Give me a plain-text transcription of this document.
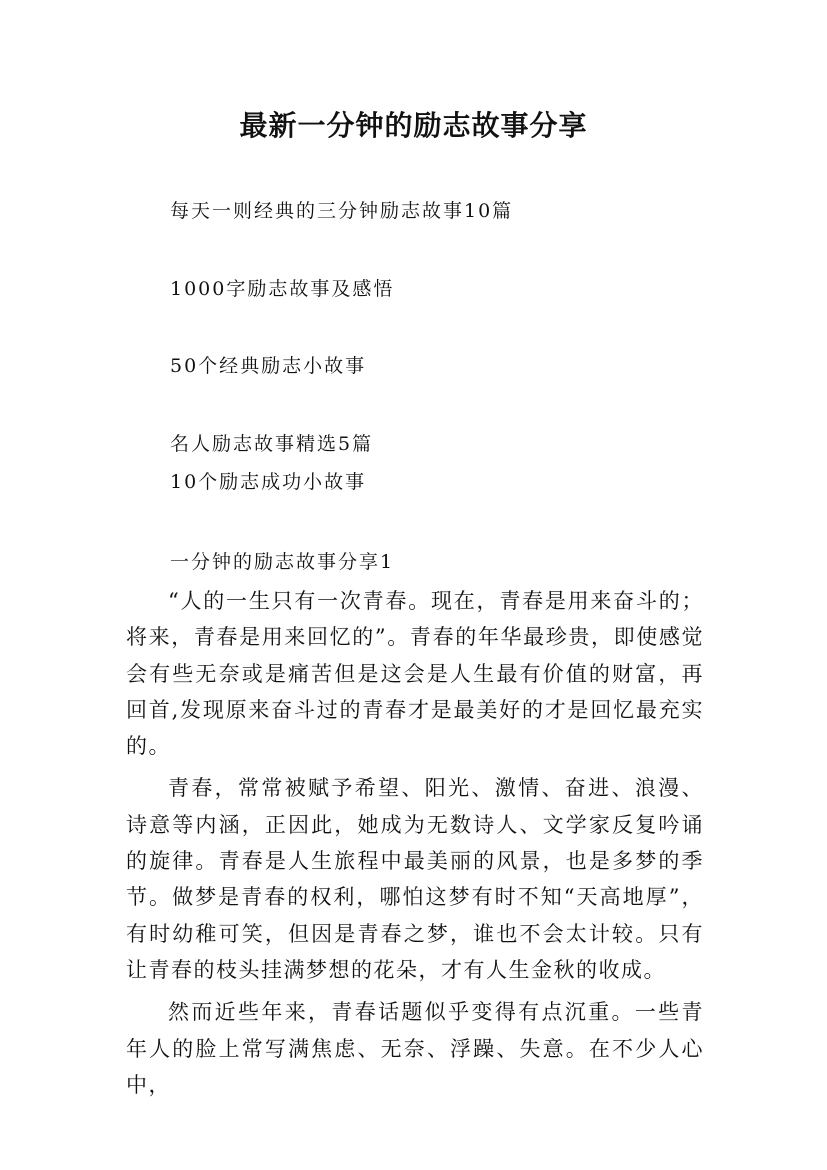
最新一分钟的励志故事分享
每天一则经典的三分钟励志故事10篇
1000字励志故事及感悟
50个经典励志小故事
名人励志故事精选5篇
10个励志成功小故事
一分钟的励志故事分享1

“人的一生只有一次青春。现在，青春是用来奋斗的；将来，青春是用来回忆的”。青春的年华最珍贵，即使感觉会有些无奈或是痛苦但是这会是人生最有价值的财富，再回首,发现原来奋斗过的青春才是最美好的才是回忆最充实的。

青春，常常被赋予希望、阳光、激情、奋进、浪漫、诗意等内涵，正因此，她成为无数诗人、文学家反复吟诵的旋律。青春是人生旅程中最美丽的风景，也是多梦的季节。做梦是青春的权利，哪怕这梦有时不知“天高地厚”，有时幼稚可笑，但因是青春之梦，谁也不会太计较。只有让青春的枝头挂满梦想的花朵，才有人生金秋的收成。

然而近些年来，青春话题似乎变得有点沉重。一些青年人的脸上常写满焦虑、无奈、浮躁、失意。在不少人心中，
